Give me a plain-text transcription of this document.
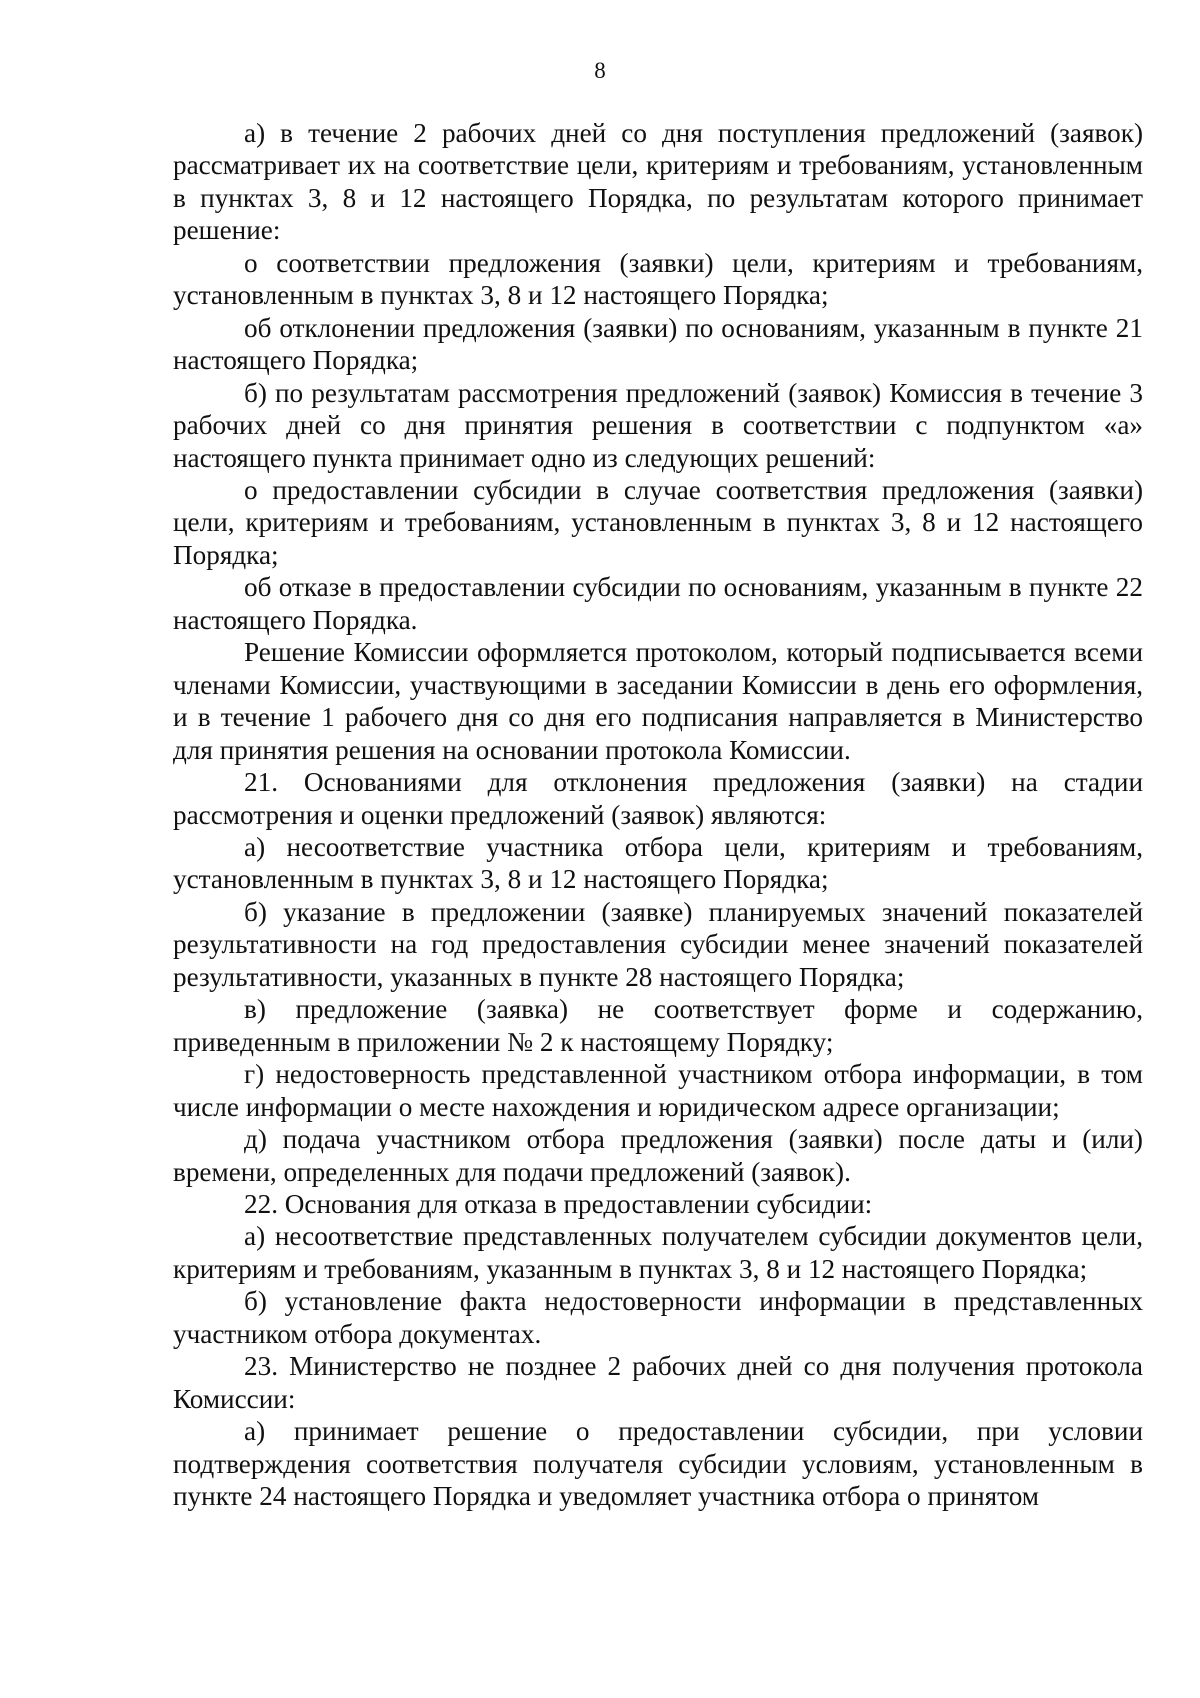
8

а) в течение 2 рабочих дней со дня поступления предложений (заявок) рассматривает их на соответствие цели, критериям и требованиям, установленным в пунктах 3, 8 и 12 настоящего Порядка, по результатам которого принимает решение:

о соответствии предложения (заявки) цели, критериям и требованиям, установленным в пунктах 3, 8 и 12 настоящего Порядка;

об отклонении предложения (заявки) по основаниям, указанным в пункте 21 настоящего Порядка;

б) по результатам рассмотрения предложений (заявок) Комиссия в течение 3 рабочих дней со дня принятия решения в соответствии с подпунктом «а» настоящего пункта принимает одно из следующих решений:

о предоставлении субсидии в случае соответствия предложения (заявки) цели, критериям и требованиям, установленным в пунктах 3, 8 и 12 настоящего Порядка;

об отказе в предоставлении субсидии по основаниям, указанным в пункте 22 настоящего Порядка.

Решение Комиссии оформляется протоколом, который подписывается всеми членами Комиссии, участвующими в заседании Комиссии в день его оформления, и в течение 1 рабочего дня со дня его подписания направляется в Министерство для принятия решения на основании протокола Комиссии.

21. Основаниями для отклонения предложения (заявки) на стадии рассмотрения и оценки предложений (заявок) являются:

а) несоответствие участника отбора цели, критериям и требованиям, установленным в пунктах 3, 8 и 12 настоящего Порядка;

б) указание в предложении (заявке) планируемых значений показателей результативности на год предоставления субсидии менее значений показателей результативности, указанных в пункте 28 настоящего Порядка;

в) предложение (заявка) не соответствует форме и содержанию, приведенным в приложении № 2 к настоящему Порядку;

г) недостоверность представленной участником отбора информации, в том числе информации о месте нахождения и юридическом адресе организации;

д) подача участником отбора предложения (заявки) после даты и (или) времени, определенных для подачи предложений (заявок).

22. Основания для отказа в предоставлении субсидии:

а) несоответствие представленных получателем субсидии документов цели, критериям и требованиям, указанным в пунктах 3, 8 и 12 настоящего Порядка;

б) установление факта недостоверности информации в представленных участником отбора документах.

23. Министерство не позднее 2 рабочих дней со дня получения протокола Комиссии:

а) принимает решение о предоставлении субсидии, при условии подтверждения соответствия получателя субсидии условиям, установленным в пункте 24 настоящего Порядка и уведомляет участника отбора о принятом
